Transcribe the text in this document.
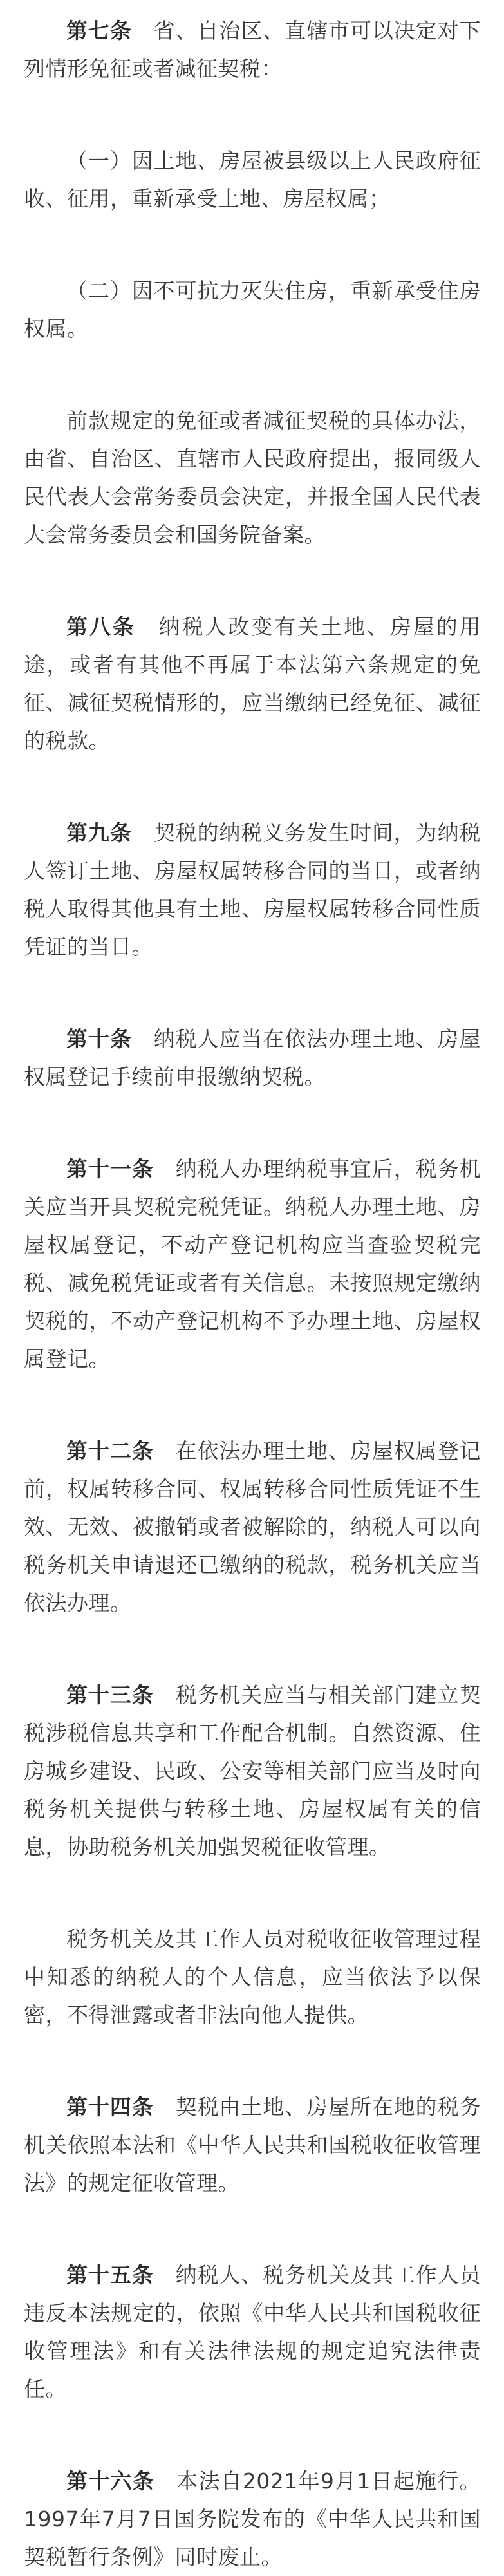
第七条　省、自治区、直辖市可以决定对下列情形免征或者减征契税：

（一）因土地、房屋被县级以上人民政府征收、征用，重新承受土地、房屋权属；

（二）因不可抗力灭失住房，重新承受住房权属。

前款规定的免征或者减征契税的具体办法，由省、自治区、直辖市人民政府提出，报同级人民代表大会常务委员会决定，并报全国人民代表大会常务委员会和国务院备案。

第八条　纳税人改变有关土地、房屋的用途，或者有其他不再属于本法第六条规定的免征、减征契税情形的，应当缴纳已经免征、减征的税款。

第九条　契税的纳税义务发生时间，为纳税人签订土地、房屋权属转移合同的当日，或者纳税人取得其他具有土地、房屋权属转移合同性质凭证的当日。

第十条　纳税人应当在依法办理土地、房屋权属登记手续前申报缴纳契税。

第十一条　纳税人办理纳税事宜后，税务机关应当开具契税完税凭证。纳税人办理土地、房屋权属登记，不动产登记机构应当查验契税完税、减免税凭证或者有关信息。未按照规定缴纳契税的，不动产登记机构不予办理土地、房屋权属登记。

第十二条　在依法办理土地、房屋权属登记前，权属转移合同、权属转移合同性质凭证不生效、无效、被撤销或者被解除的，纳税人可以向税务机关申请退还已缴纳的税款，税务机关应当依法办理。

第十三条　税务机关应当与相关部门建立契税涉税信息共享和工作配合机制。自然资源、住房城乡建设、民政、公安等相关部门应当及时向税务机关提供与转移土地、房屋权属有关的信息，协助税务机关加强契税征收管理。

税务机关及其工作人员对税收征收管理过程中知悉的纳税人的个人信息，应当依法予以保密，不得泄露或者非法向他人提供。

第十四条　契税由土地、房屋所在地的税务机关依照本法和《中华人民共和国税收征收管理法》的规定征收管理。

第十五条　纳税人、税务机关及其工作人员违反本法规定的，依照《中华人民共和国税收征收管理法》和有关法律法规的规定追究法律责任。

第十六条　本法自2021年9月1日起施行。1997年7月7日国务院发布的《中华人民共和国契税暂行条例》同时废止。
